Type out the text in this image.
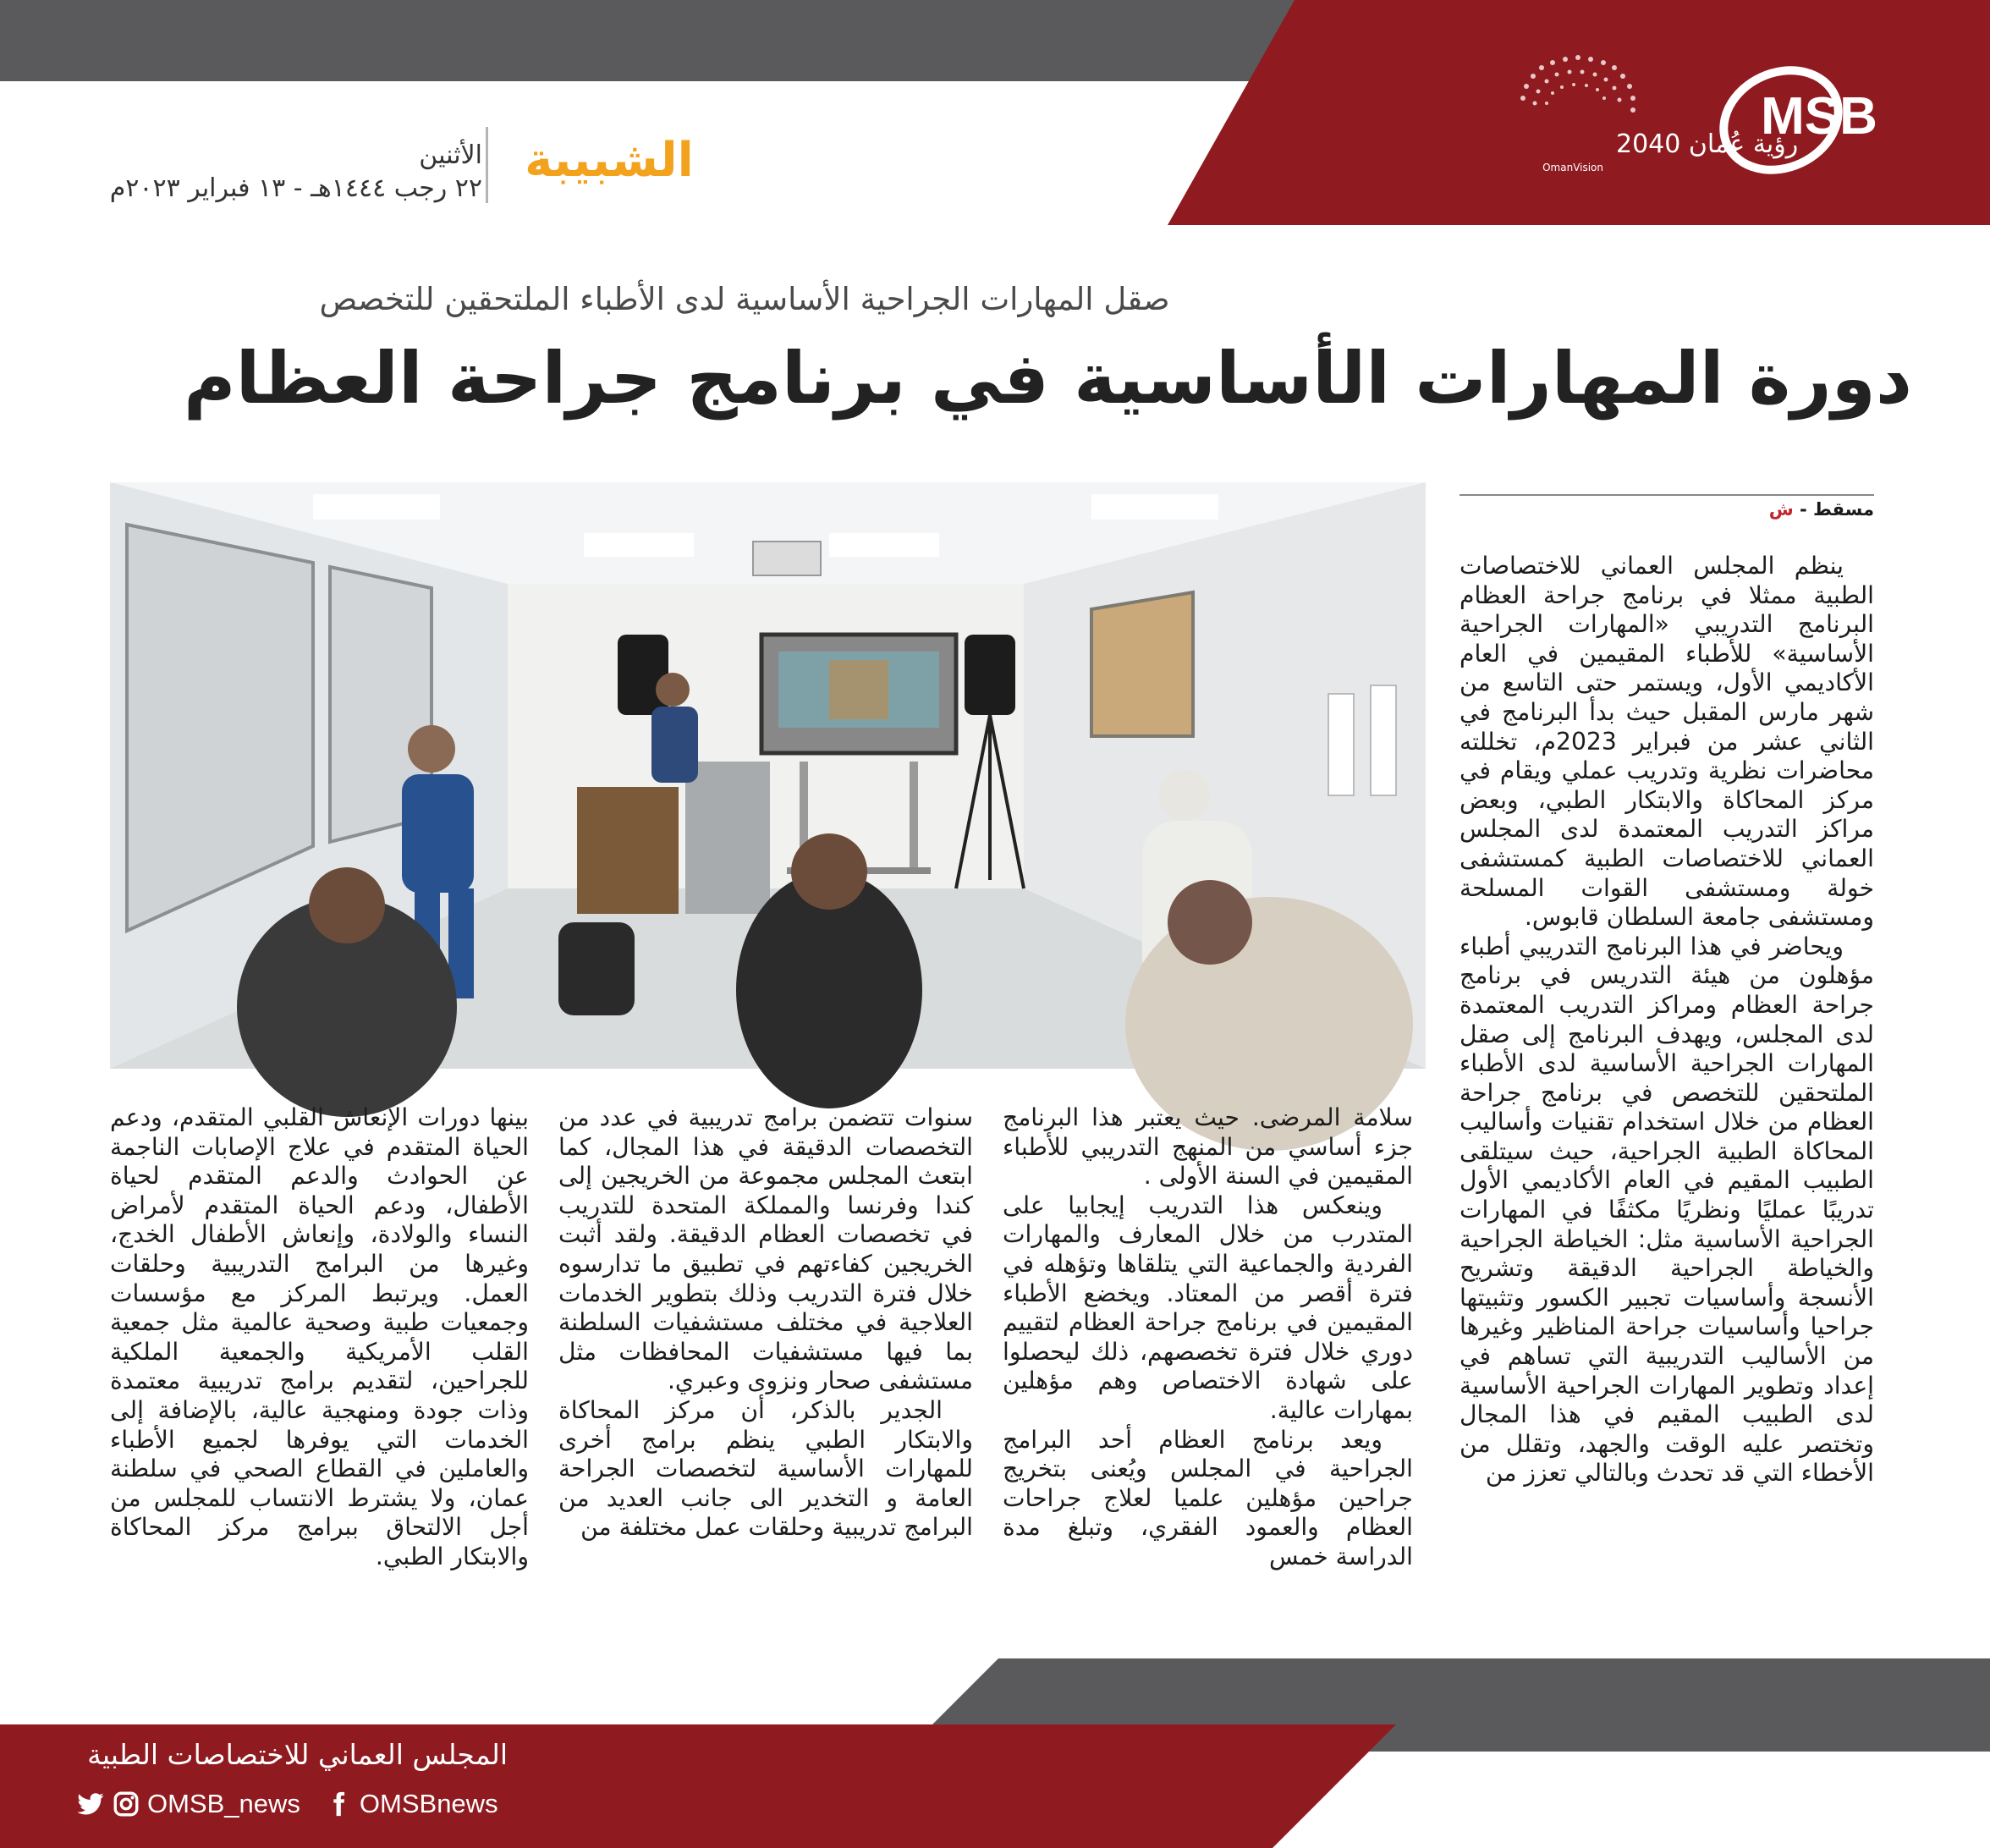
رؤية عُمان 2040
OmanVision
MSB
الشبيبة
الأثنين
٢٢ رجب ١٤٤٤هـ - ١٣ فبراير ٢٠٢٣م
صقل المهارات الجراحية الأساسية لدى الأطباء الملتحقين للتخصص
دورة المهارات الأساسية في برنامج جراحة العظام
مسقط - ش

ينظم المجلس العماني للاختصاصات الطبية ممثلا في برنامج جراحة العظام البرنامج التدريبي «المهارات الجراحية الأساسية» للأطباء المقيمين في العام الأكاديمي الأول، ويستمر حتى التاسع من شهر مارس المقبل حيث بدأ البرنامج في الثاني عشر من فبراير 2023م، تخللته محاضرات نظرية وتدريب عملي ويقام في مركز المحاكاة والابتكار الطبي، وبعض مراكز التدريب المعتمدة لدى المجلس العماني للاختصاصات الطبية كمستشفى خولة ومستشفى القوات المسلحة ومستشفى جامعة السلطان قابوس.

ويحاضر في هذا البرنامج التدريبي أطباء مؤهلون من هيئة التدريس في برنامج جراحة العظام ومراكز التدريب المعتمدة لدى المجلس، ويهدف البرنامج إلى صقل المهارات الجراحية الأساسية لدى الأطباء الملتحقين للتخصص في برنامج جراحة العظام من خلال استخدام تقنيات وأساليب المحاكاة الطبية الجراحية، حيث سيتلقى الطبيب المقيم في العام الأكاديمي الأول تدريبًا عمليًا ونظريًا مكثفًا في المهارات الجراحية الأساسية مثل: الخياطة الجراحية والخياطة الجراحية الدقيقة وتشريح الأنسجة وأساسيات تجبير الكسور وتثبيتها جراحيا وأساسيات جراحة المناظير وغيرها من الأساليب التدريبية التي تساهم في إعداد وتطوير المهارات الجراحية الأساسية لدى الطبيب المقيم في هذا المجال وتختصر عليه الوقت والجهد، وتقلل من الأخطاء التي قد تحدث وبالتالي تعزز من

سلامة المرضى. حيث يعتبر هذا البرنامج جزء أساسي من المنهج التدريبي للأطباء المقيمين في السنة الأولى .

وينعكس هذا التدريب إيجابيا على المتدرب من خلال المعارف والمهارات الفردية والجماعية التي يتلقاها وتؤهله في فترة أقصر من المعتاد. ويخضع الأطباء المقيمين في برنامج جراحة العظام لتقييم دوري خلال فترة تخصصهم، ذلك ليحصلوا على شهادة الاختصاص وهم مؤهلين بمهارات عالية.

ويعد برنامج العظام أحد البرامج الجراحية في المجلس ويُعنى بتخريج جراحين مؤهلين علميا لعلاج جراحات العظام والعمود الفقري، وتبلغ مدة الدراسة خمس

سنوات تتضمن برامج تدريبية في عدد من التخصصات الدقيقة في هذا المجال، كما ابتعث المجلس مجموعة من الخريجين إلى كندا وفرنسا والمملكة المتحدة للتدريب في تخصصات العظام الدقيقة. ولقد أثبت الخريجين كفاءتهم في تطبيق ما تدارسوه خلال فترة التدريب وذلك بتطوير الخدمات العلاجية في مختلف مستشفيات السلطنة بما فيها مستشفيات المحافظات مثل مستشفى صحار ونزوى وعبري.

الجدير بالذكر، أن مركز المحاكاة والابتكار الطبي ينظم برامج أخرى للمهارات الأساسية لتخصصات الجراحة العامة و التخدير الى جانب العديد من البرامج تدريبية وحلقات عمل مختلفة من

بينها دورات الإنعاش القلبي المتقدم، ودعم الحياة المتقدم في علاج الإصابات الناجمة عن الحوادث والدعم المتقدم لحياة الأطفال، ودعم الحياة المتقدم لأمراض النساء والولادة، وإنعاش الأطفال الخدج، وغيرها من البرامج التدريبية وحلقات العمل. ويرتبط المركز مع مؤسسات وجمعيات طبية وصحية عالمية مثل جمعية القلب الأمريكية والجمعية الملكية للجراحين، لتقديم برامج تدريبية معتمدة وذات جودة ومنهجية عالية، بالإضافة إلى الخدمات التي يوفرها لجميع الأطباء والعاملين في القطاع الصحي في سلطنة عمان، ولا يشترط الانتساب للمجلس من أجل الالتحاق ببرامج مركز المحاكاة والابتكار الطبي.

المجلس العماني للاختصاصات الطبية
OMSB_news OMSBnews
